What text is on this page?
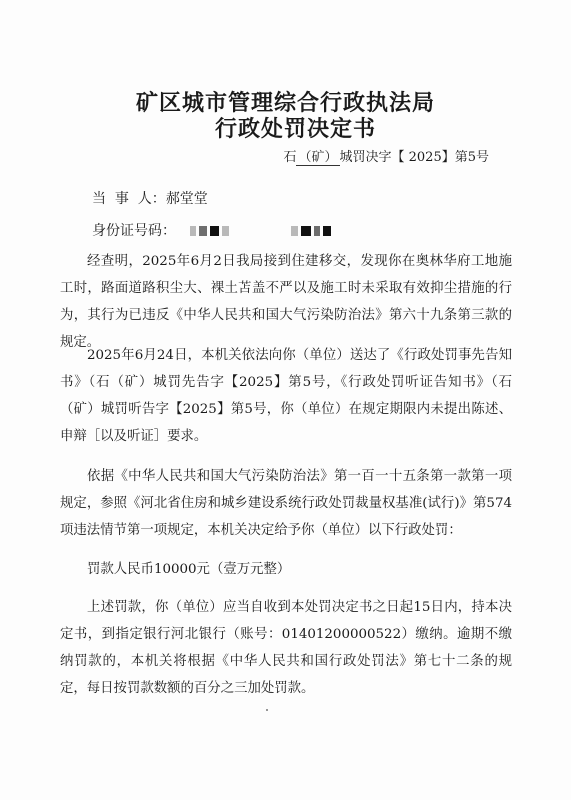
矿区城市管理综合行政执法局
行政处罚决定书
石 （矿） 城罚决字【 2025】第5号
当  事  人：郝堂堂
身份证号码：

经查明，2025年6月2日我局接到住建移交，发现你在奥林华府工地施工时，路面道路积尘大、裸土苫盖不严以及施工时未采取有效抑尘措施的行为，其行为已违反《中华人民共和国大气污染防治法》第六十九条第三款的规定。

2025年6月24日，本机关依法向你（单位）送达了《行政处罚事先告知书》（石（矿）城罚先告字【2025】第5号，《行政处罚听证告知书》（石（矿）城罚听告字【2025】第5号，你（单位）在规定期限内未提出陈述、申辩［以及听证］要求。

依据《中华人民共和国大气污染防治法》第一百一十五条第一款第一项规定，参照《河北省住房和城乡建设系统行政处罚裁量权基准(试行)》第574项违法情节第一项规定，本机关决定给予你（单位）以下行政处罚：

罚款人民币10000元（壹万元整）

上述罚款，你（单位）应当自收到本处罚决定书之日起15日内，持本决定书，到指定银行河北银行（账号：01401200000522）缴纳。逾期不缴纳罚款的，本机关将根据《中华人民共和国行政处罚法》第七十二条的规定，每日按罚款数额的百分之三加处罚款。
